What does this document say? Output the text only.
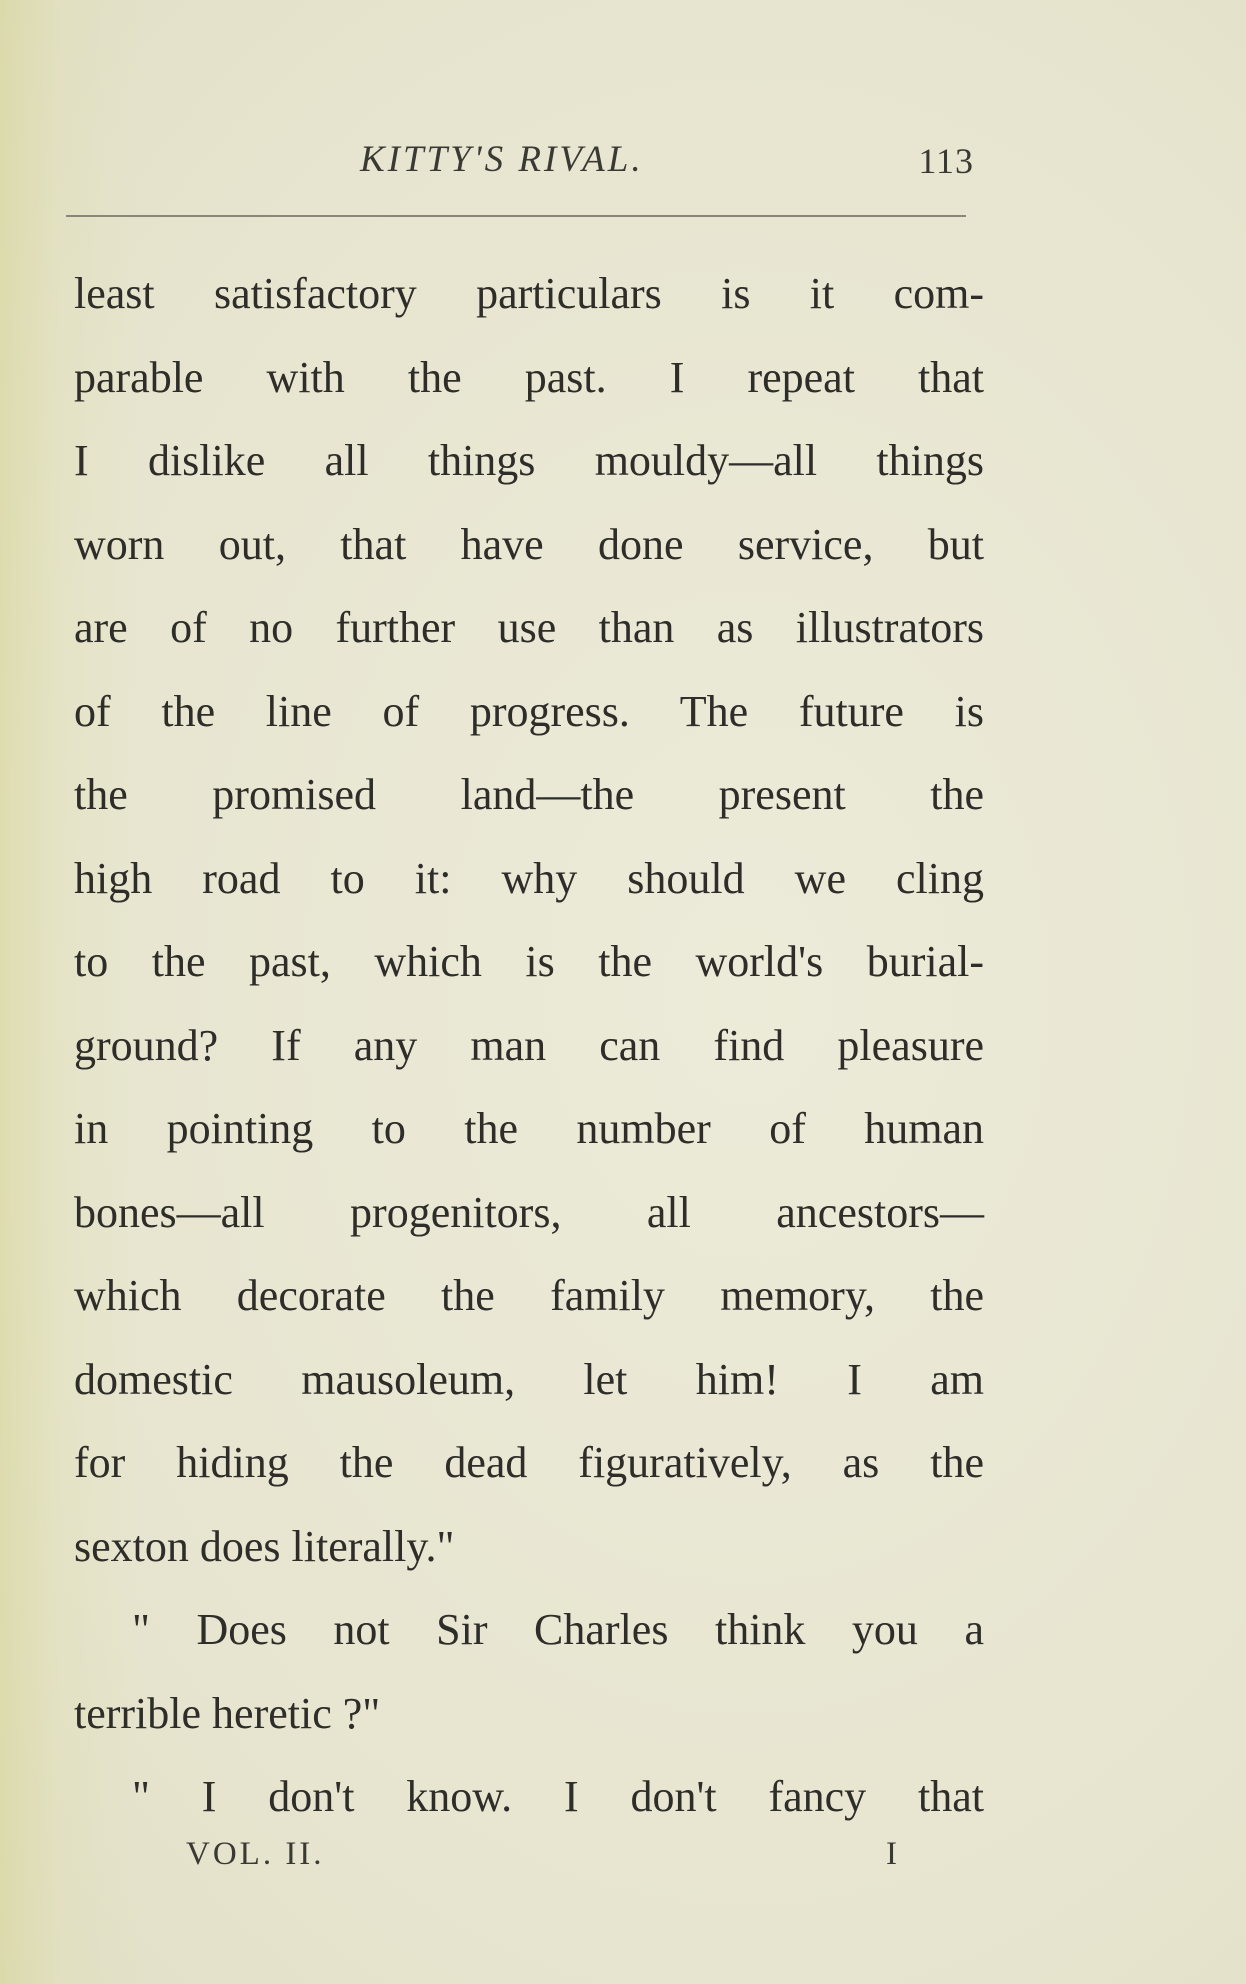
KITTY'S RIVAL.	113
least satisfactory particulars is it com-
parable with the past. I repeat that
I dislike all things mouldy—all things
worn out, that have done service, but
are of no further use than as illustrators
of the line of progress. The future is
the promised land—the present the
high road to it: why should we cling
to the past, which is the world's burial-
ground? If any man can find pleasure
in pointing to the number of human
bones—all progenitors, all ancestors—
which decorate the family memory, the
domestic mausoleum, let him! I am
for hiding the dead figuratively, as the
sexton does literally."
" Does not Sir Charles think you a
terrible heretic ?"
" I don't know. I don't fancy that
VOL. II.	I
